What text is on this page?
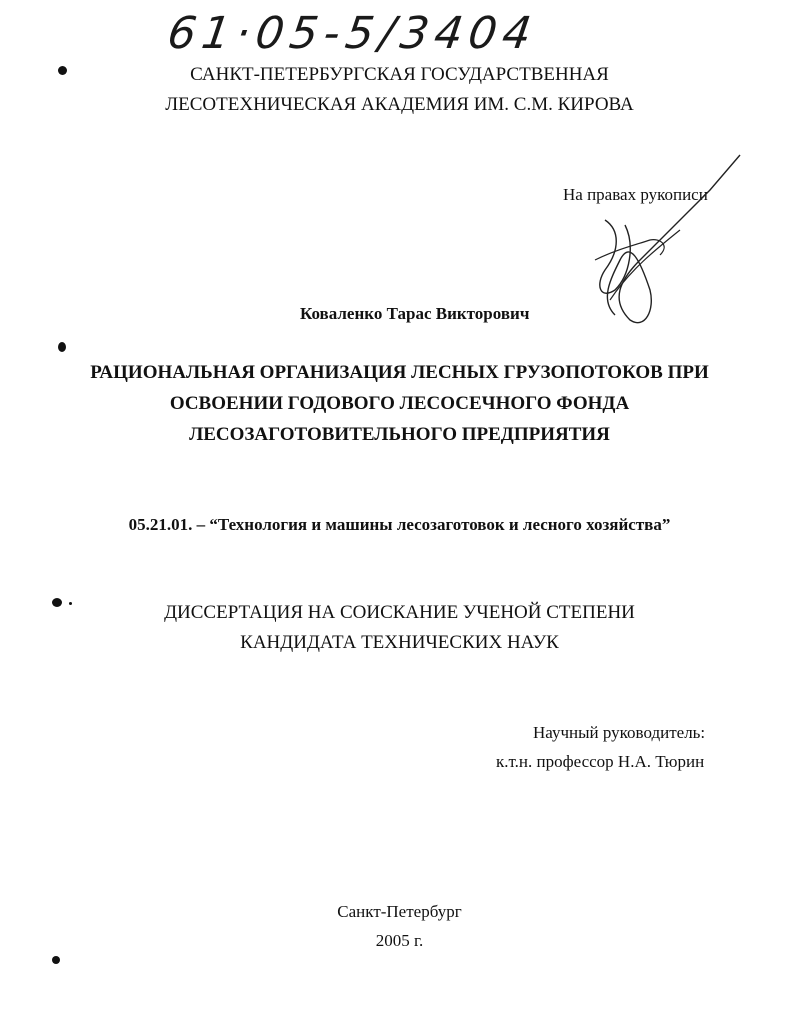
61·05-5/3404
САНКТ-ПЕТЕРБУРГСКАЯ ГОСУДАРСТВЕННАЯ
ЛЕСОТЕХНИЧЕСКАЯ АКАДЕМИЯ ИМ. С.М. КИРОВА
На правах рукописи
Коваленко Тарас Викторович
РАЦИОНАЛЬНАЯ ОРГАНИЗАЦИЯ ЛЕСНЫХ ГРУЗОПОТОКОВ ПРИ
ОСВОЕНИИ ГОДОВОГО ЛЕСОСЕЧНОГО ФОНДА
ЛЕСОЗАГОТОВИТЕЛЬНОГО ПРЕДПРИЯТИЯ
05.21.01. – “Технология и машины лесозаготовок и лесного хозяйства”
ДИССЕРТАЦИЯ НА СОИСКАНИЕ УЧЕНОЙ СТЕПЕНИ
КАНДИДАТА ТЕХНИЧЕСКИХ НАУК
Научный руководитель:
к.т.н. профессор Н.А. Тюрин
Санкт-Петербург
2005 г.
